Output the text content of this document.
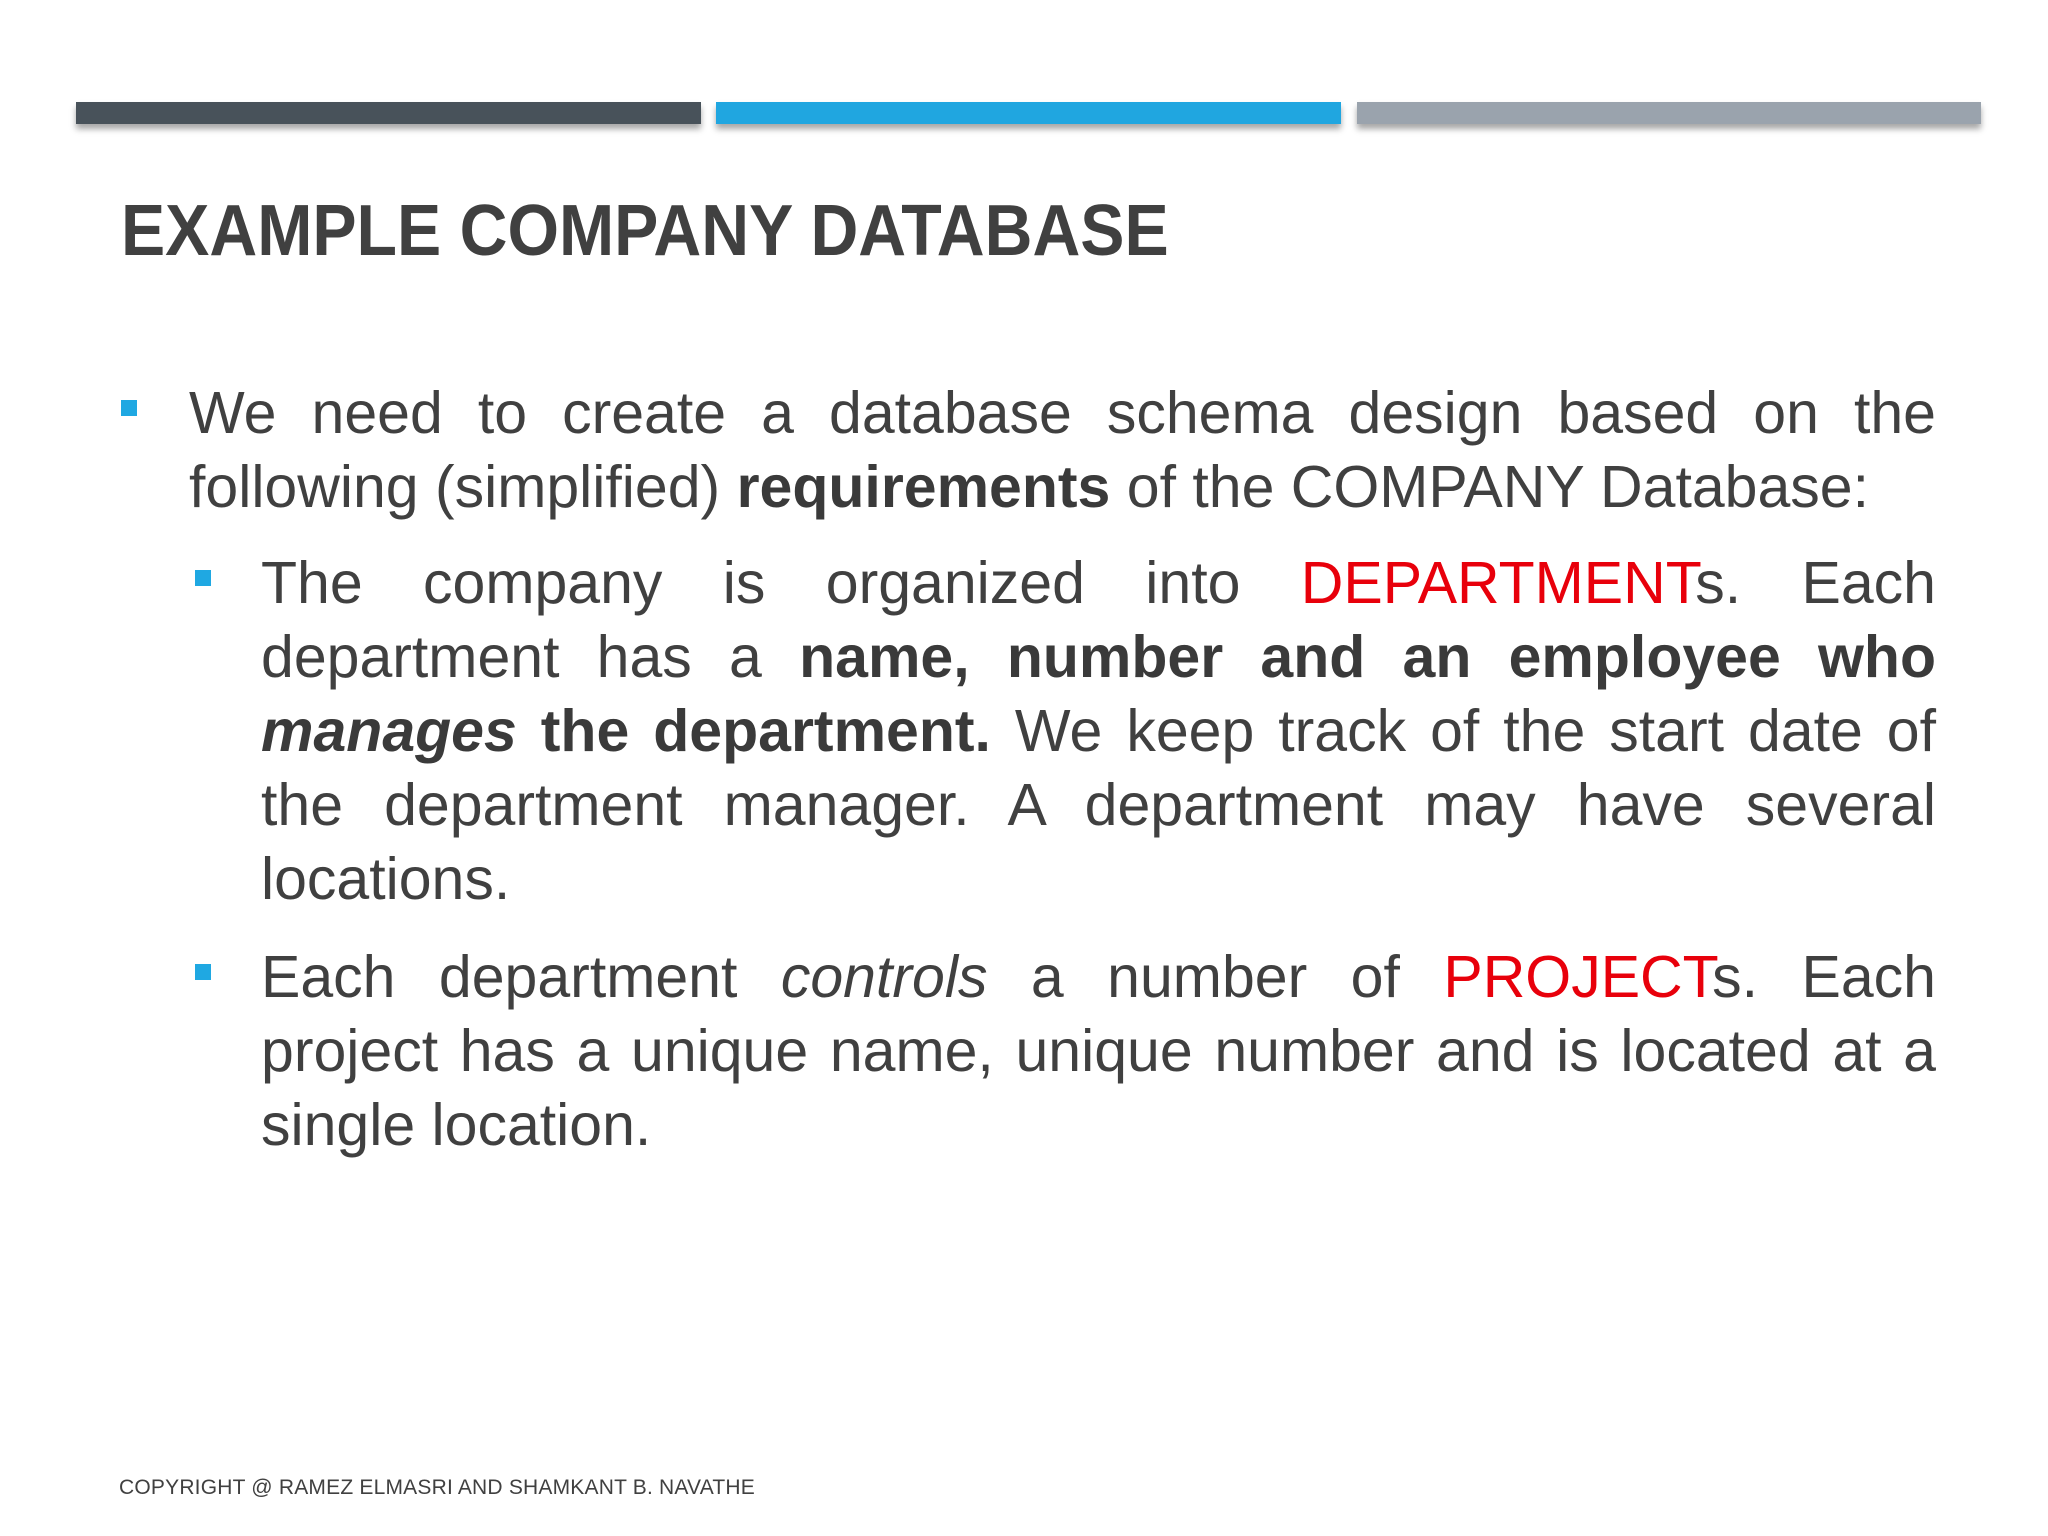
EXAMPLE COMPANY DATABASE
We need to create a database schema design based on the following (simplified) requirements of the COMPANY Database:
The company is organized into DEPARTMENTs. Each department has a name, number and an employee who manages the department. We keep track of the start date of the department manager. A department may have several locations.
Each department controls a number of PROJECTs. Each project has a unique name, unique number and is located at a single location.
COPYRIGHT @ RAMEZ ELMASRI AND SHAMKANT B. NAVATHE
